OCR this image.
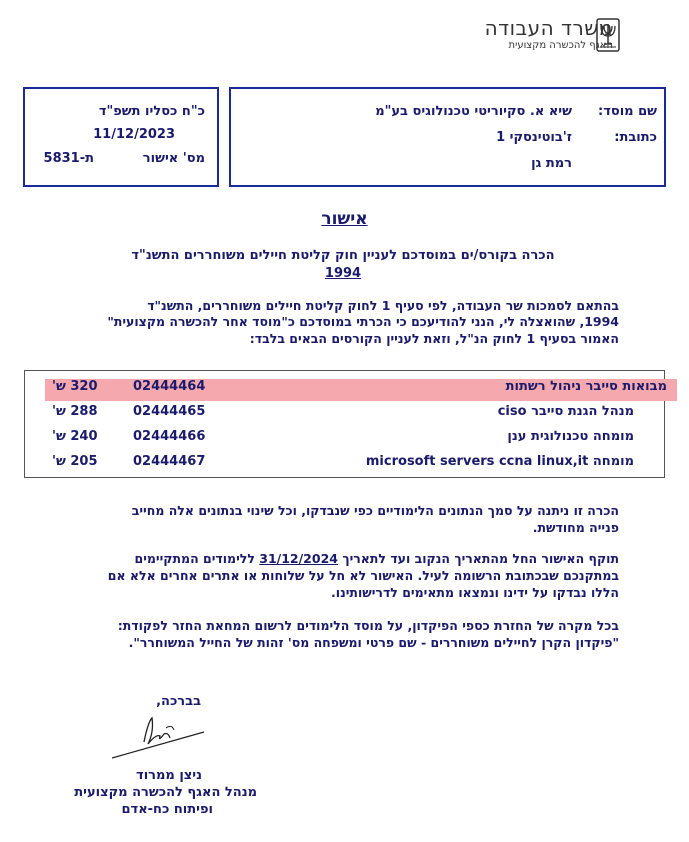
משרד העבודה
האגף להכשרה מקצועית
שם מוסד:
שיא א. סקיוריטי טכנולוגיס בע"מ
כתובת:
ז'בוטינסקי 1
רמת גן
כ"ח כסליו תשפ"ד
11/12/2023
מס' אישור
ת-5831
אישור
הכרה בקורס/ים במוסדכם לעניין חוק קליטת חיילים משוחררים התשנ"ד
1994
בהתאם לסמכות שר העבודה, לפי סעיף 1 לחוק קליטת חיילים משוחררים, התשנ"ד
1994, שהואצלה לי, הנני להודיעכם כי הכרתי במוסדכם כ"מוסד אחר להכשרה מקצועית"
האמור בסעיף 1 לחוק הנ"ל, וזאת לעניין הקורסים הבאים בלבד:
מבואות סייבר ניהול רשתות
02444464
320 ש'
מנהל הגנת סייבר ciso
02444465
288 ש'
מומחה טכנולוגית ענן
02444466
240 ש'
מומחה microsoft servers ccna linux,it
02444467
205 ש'
הכרה זו ניתנה על סמך הנתונים הלימודיים כפי שנבדקו, וכל שינוי בנתונים אלה מחייב
פנייה מחודשת.
תוקף האישור החל מהתאריך הנקוב ועד לתאריך 31/12/2024 ללימודים המתקיימים
במתקנכם שבכתובת הרשומה לעיל. האישור לא חל על שלוחות או אתרים אחרים אלא אם
הללו נבדקו על ידינו ונמצאו מתאימים לדרישותינו.
בכל מקרה של החזרת כספי הפיקדון, על מוסד הלימודים לרשום המחאת החזר לפקודת:
"פיקדון הקרן לחיילים משוחררים - שם פרטי ומשפחה מס' זהות של החייל המשוחרר".
בברכה,
ניצן ממרוד
מנהל האגף להכשרה מקצועית
ופיתוח כח-אדם
